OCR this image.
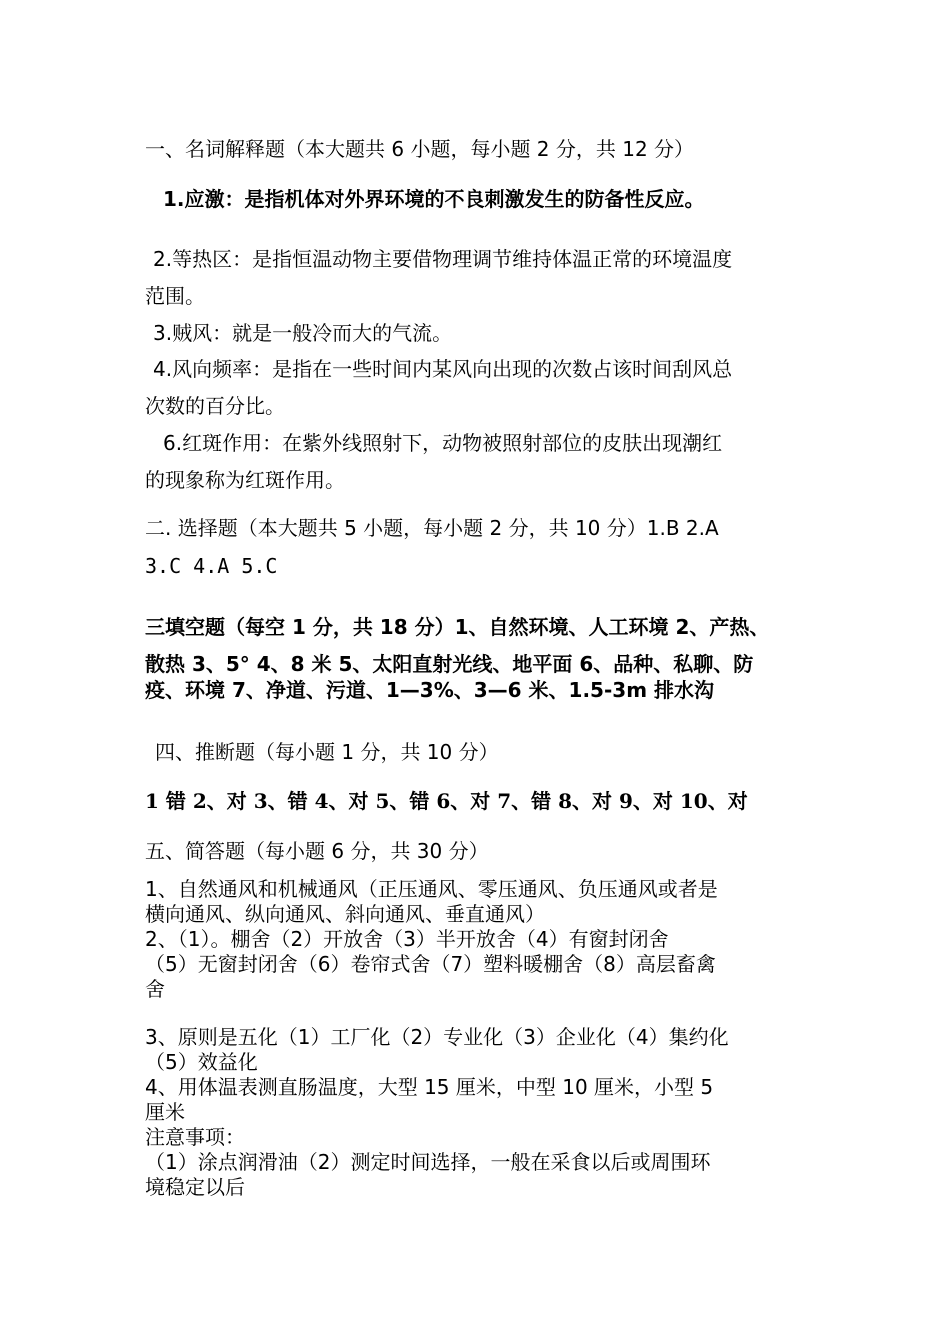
一、名词解释题（本大题共 6 小题，每小题 2 分，共 12 分）
1.应激：是指机体对外界环境的不良刺激发生的防备性反应。
2.等热区：是指恒温动物主要借物理调节维持体温正常的环境温度
范围。
3.贼风：就是一般冷而大的气流。
4.风向频率：是指在一些时间内某风向出现的次数占该时间刮风总
次数的百分比。
6.红斑作用：在紫外线照射下，动物被照射部位的皮肤出现潮红
的现象称为红斑作用。
二. 选择题（本大题共 5 小题，每小题 2 分，共 10 分）1.B 2.A
3.C 4.A 5.C
三填空题（每空 1 分，共 18 分）1、自然环境、人工环境 2、产热、
散热 3、5° 4、8 米 5、太阳直射光线、地平面 6、品种、私聊、防
疫、环境 7、净道、污道、1—3%、3—6 米、1.5-3m 排水沟
四、推断题（每小题 1 分，共 10 分）
1 错 2、对 3、错 4、对 5、错 6、对 7、错 8、对 9、对 10、对
五、简答题（每小题 6 分，共 30 分）
1、自然通风和机械通风（正压通风、零压通风、负压通风或者是
横向通风、纵向通风、斜向通风、垂直通风）
2、（1）。棚舍（2）开放舍（3）半开放舍（4）有窗封闭舍
（5）无窗封闭舍（6）卷帘式舍（7）塑料暖棚舍（8）高层畜禽
舍
3、原则是五化（1）工厂化（2）专业化（3）企业化（4）集约化
（5）效益化
4、用体温表测直肠温度，大型 15 厘米，中型 10 厘米，小型 5
厘米
注意事项：
（1）涂点润滑油（2）测定时间选择，一般在采食以后或周围环
境稳定以后
